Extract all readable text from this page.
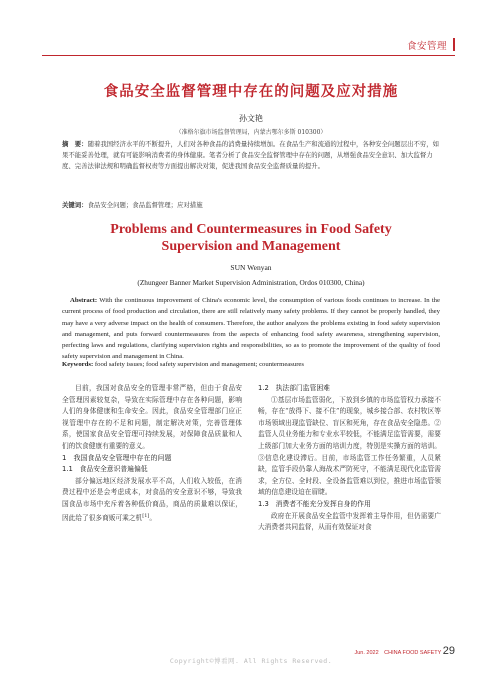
食安管理
食品安全监督管理中存在的问题及应对措施
孙文艳
（准格尔旗市场监督管理局，内蒙古鄂尔多斯 010300）
摘　要：随着我国经济水平的不断提升，人们对各种食品的消费量持续增加。在食品生产和流通的过程中，各种安全问题层出不穷，如果不能妥善处理，就有可能影响消费者的身体健康。笔者分析了食品安全监督管理中存在的问题，从增强食品安全意识、加大监督力度、完善法律法规和明确监督权责等方面提出解决对策，促进我国食品安全监督质量的提升。
关键词：食品安全问题；食品监督管理；应对措施
Problems and Countermeasures in Food Safety Supervision and Management
SUN Wenyan
(Zhungeer Banner Market Supervision Administration, Ordos 010300, China)
Abstract: With the continuous improvement of China's economic level, the consumption of various foods continues to increase. In the current process of food production and circulation, there are still relatively many safety problems. If they cannot be properly handled, they may have a very adverse impact on the health of consumers. Therefore, the author analyzes the problems existing in food safety supervision and management, and puts forward countermeasures from the aspects of enhancing food safety awareness, strengthening supervision, perfecting laws and regulations, clarifying supervision rights and responsibilities, so as to promote the improvement of the quality of food safety supervision and management in China.
Keywords: food safety issues; food safety supervision and management; countermeasures

目前，我国对食品安全的管理非常严格，但由于食品安全管理因素较复杂，导致在实际管理中存在各种问题，影响人们的身体健康和生命安全。因此，食品安全管理部门应正视管理中存在的不足和问题，制定解决对策，完善管理体系，使国家食品安全管理可持续发展，对保障食品质量和人们的饮食健康有重要的意义。

1　我国食品安全管理中存在的问题

1.1　食品安全意识普遍偏低

部分偏远地区经济发展水平不高，人们收入较低，在消费过程中还是会考虑成本，对食品的安全意识不够，导致我国食品市场中充斥着各种低价商品，商品的质量难以保证，因此给了很多商贩可乘之机[1]。

1.2　执法部门监管困难

①基层市场监管弱化，下放到乡镇的市场监管权力承接不畅，存在“放得下、接不住”的现象，城乡接合部、农村牧区等市场领域出现监管缺位、盲区和死角，存在食品安全隐患。②监管人员业务能力和专业水平较低，不能满足监管需要，需要上级部门加大业务方面的培训力度，特别是实操方面的培训。③信息化建设滞后。目前，市场监管工作任务繁重，人员紧缺，监管手段仍靠人海战术严防死守，不能满足现代化监管需求，全方位、全时段、全设备监管难以到位，推进市场监管领域的信息建设迫在眉睫。

1.3　消费者不能充分发挥自身的作用

政府在开展食品安全监管中发挥着主导作用，但仍需要广大消费者共同监督，从而有效保证对食

Jun. 2022　CHINA FOOD SAFETY 29
Copyright©博看网. All Rights Reserved.
